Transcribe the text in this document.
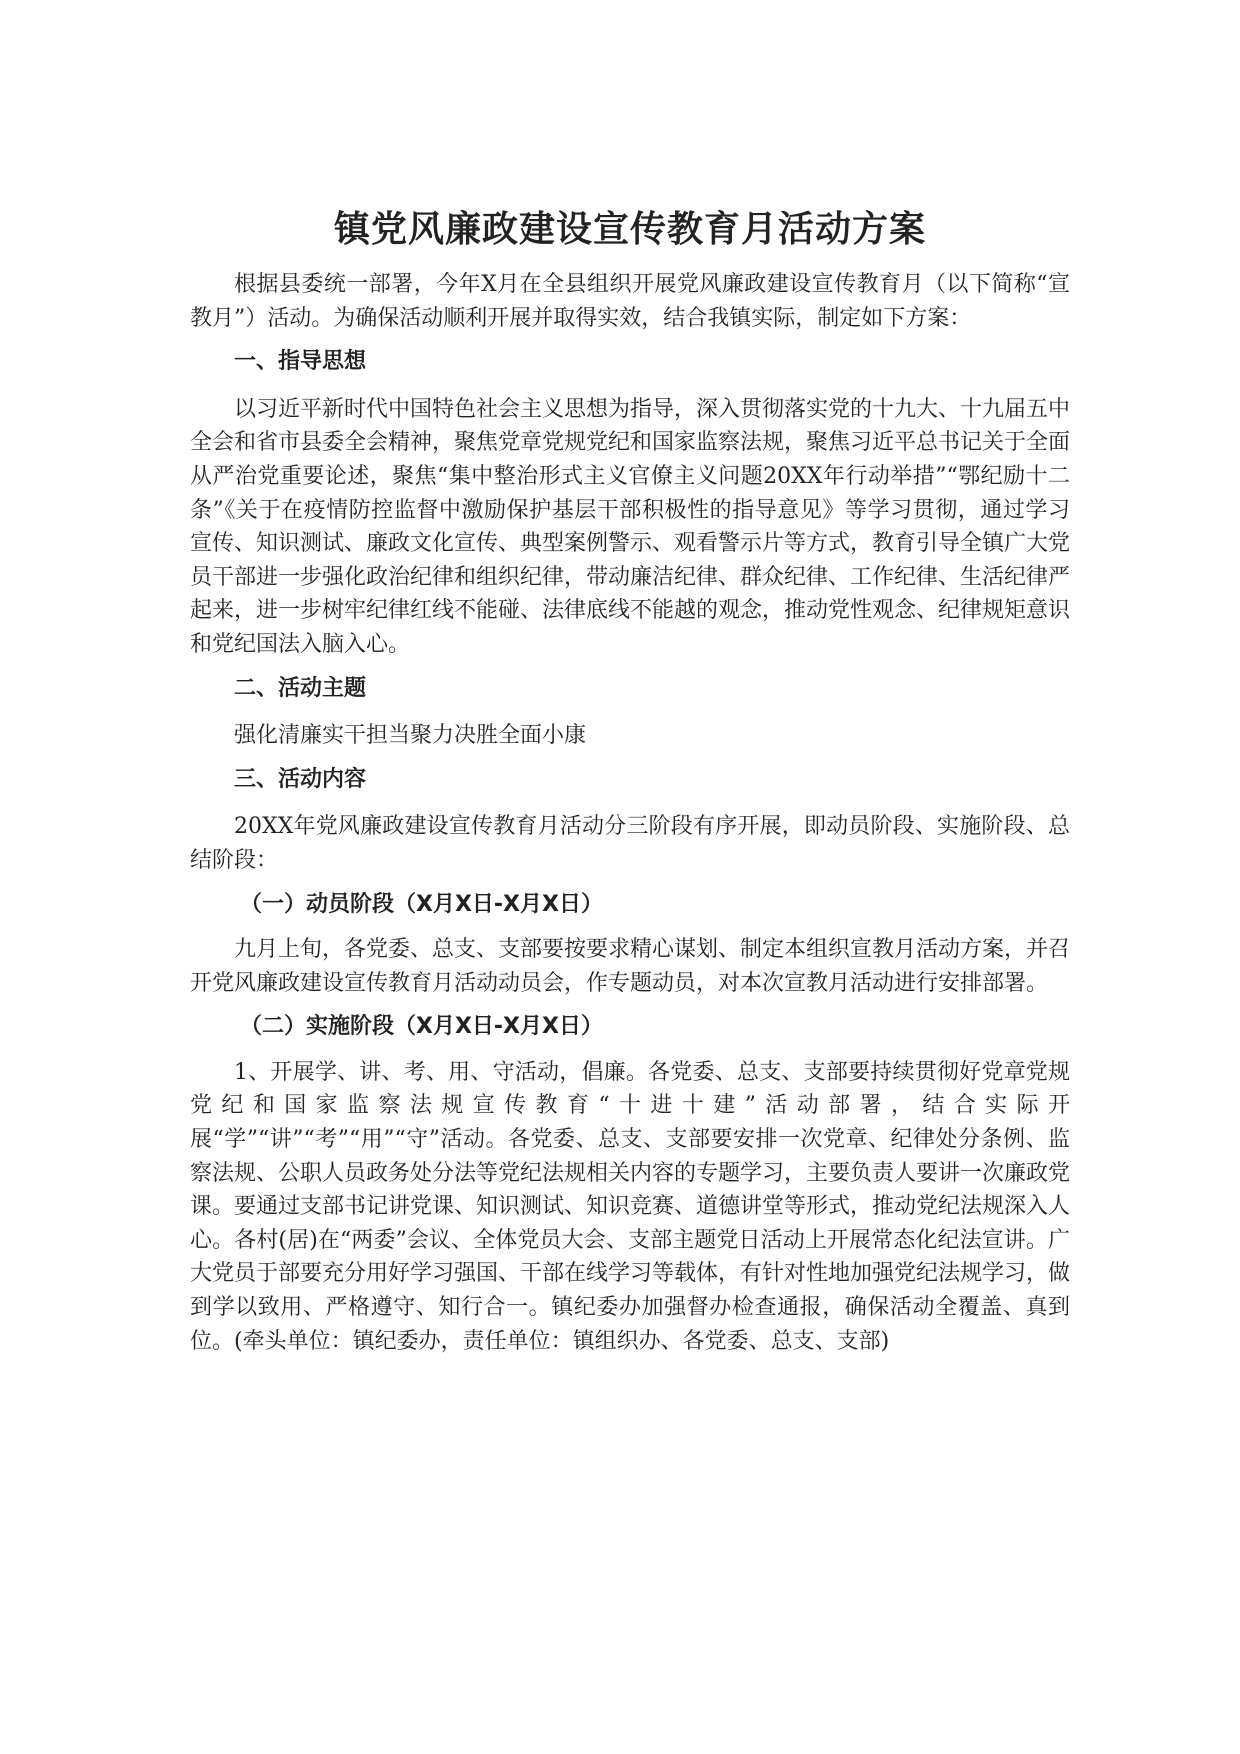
镇党风廉政建设宣传教育月活动方案
根据县委统一部署，今年X月在全县组织开展党风廉政建设宣传教育月（以下简称“宣教月”）活动。为确保活动顺利开展并取得实效，结合我镇实际，制定如下方案：
一、指导思想
以习近平新时代中国特色社会主义思想为指导，深入贯彻落实党的十九大、十九届五中全会和省市县委全会精神，聚焦党章党规党纪和国家监察法规，聚焦习近平总书记关于全面从严治党重要论述，聚焦“集中整治形式主义官僚主义问题20XX年行动举措”“鄂纪励十二条”《关于在疫情防控监督中激励保护基层干部积极性的指导意见》等学习贯彻，通过学习宣传、知识测试、廉政文化宣传、典型案例警示、观看警示片等方式，教育引导全镇广大党员干部进一步强化政治纪律和组织纪律，带动廉洁纪律、群众纪律、工作纪律、生活纪律严起来，进一步树牢纪律红线不能碰、法律底线不能越的观念，推动党性观念、纪律规矩意识和党纪国法入脑入心。
二、活动主题
强化清廉实干担当聚力决胜全面小康
三、活动内容
20XX年党风廉政建设宣传教育月活动分三阶段有序开展，即动员阶段、实施阶段、总结阶段：
（一）动员阶段（X月X日-X月X日）
九月上旬，各党委、总支、支部要按要求精心谋划、制定本组织宣教月活动方案，并召开党风廉政建设宣传教育月活动动员会，作专题动员，对本次宣教月活动进行安排部署。
（二）实施阶段（X月X日-X月X日）
1、开展学、讲、考、用、守活动，倡廉。各党委、总支、支部要持续贯彻好党章党规党纪和国家监察法规宣传教育“十进十建”活动部署，结合实际开展“学”“讲”“考”“用”“守”活动。各党委、总支、支部要安排一次党章、纪律处分条例、监察法规、公职人员政务处分法等党纪法规相关内容的专题学习，主要负责人要讲一次廉政党课。要通过支部书记讲党课、知识测试、知识竞赛、道德讲堂等形式，推动党纪法规深入人心。各村(居)在“两委”会议、全体党员大会、支部主题党日活动上开展常态化纪法宣讲。广大党员于部要充分用好学习强国、干部在线学习等载体，有针对性地加强党纪法规学习，做到学以致用、严格遵守、知行合一。镇纪委办加强督办检查通报，确保活动全覆盖、真到位。(牵头单位：镇纪委办，责任单位：镇组织办、各党委、总支、支部)
